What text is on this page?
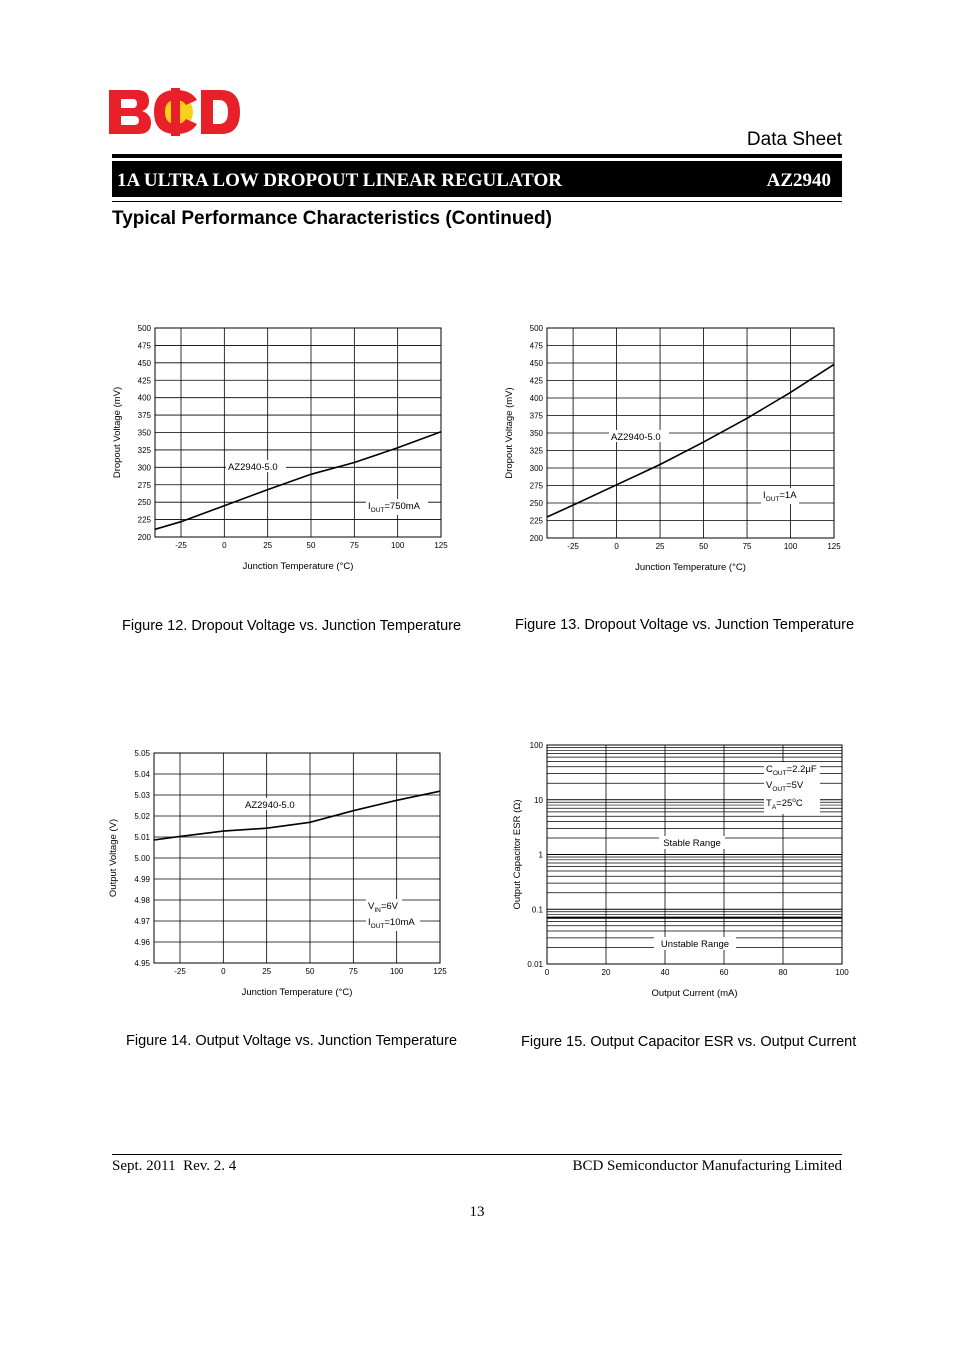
Data Sheet
1A ULTRA LOW DROPOUT LINEAR REGULATOR	AZ2940
Typical Performance Characteristics (Continued)
-25	0	25	50	75	100	125
200
225
250
275
300
325
350
375
400
425
450
475
500
Junction Temperature (°C)
Dropout Voltage (mV)	AZ2940-5.0
$I_{OUT}=750mA$
Figure 12. Dropout Voltage vs. Junction Temperature
-25	0	25	50	75	100	125
200
225
250
275
300
325
350
375
400
425
450
475
500
Junction Temperature (°C)
Dropout Voltage (mV)	AZ2940-5.0
$I_{OUT}=1A$
Figure 13. Dropout Voltage vs. Junction Temperature
-25	0	25	50	75	100	125
4.95
4.96
4.97
4.98
4.99
5.00
5.01
5.02
5.03
5.04
5.05
Junction Temperature (°C)
Output Voltage (V)
AZ2940-5.0
$V_{IN}=6V$
$I_{OUT}=10mA$
Figure 14. Output Voltage vs. Junction Temperature
0	20	40	60	80	100
0.01
0.1
1
10
100
Output Current (mA)
Output Capacitor ESR (Ω)
$C_{OUT}=2.2\mu F$
$V_{OUT}=5V$
$T_A=25^oC$
Stable Range
Unstable Range
Figure 15. Output Capacitor ESR vs. Output Current
Sept. 2011  Rev. 2. 4	BCD Semiconductor Manufacturing Limited
13
